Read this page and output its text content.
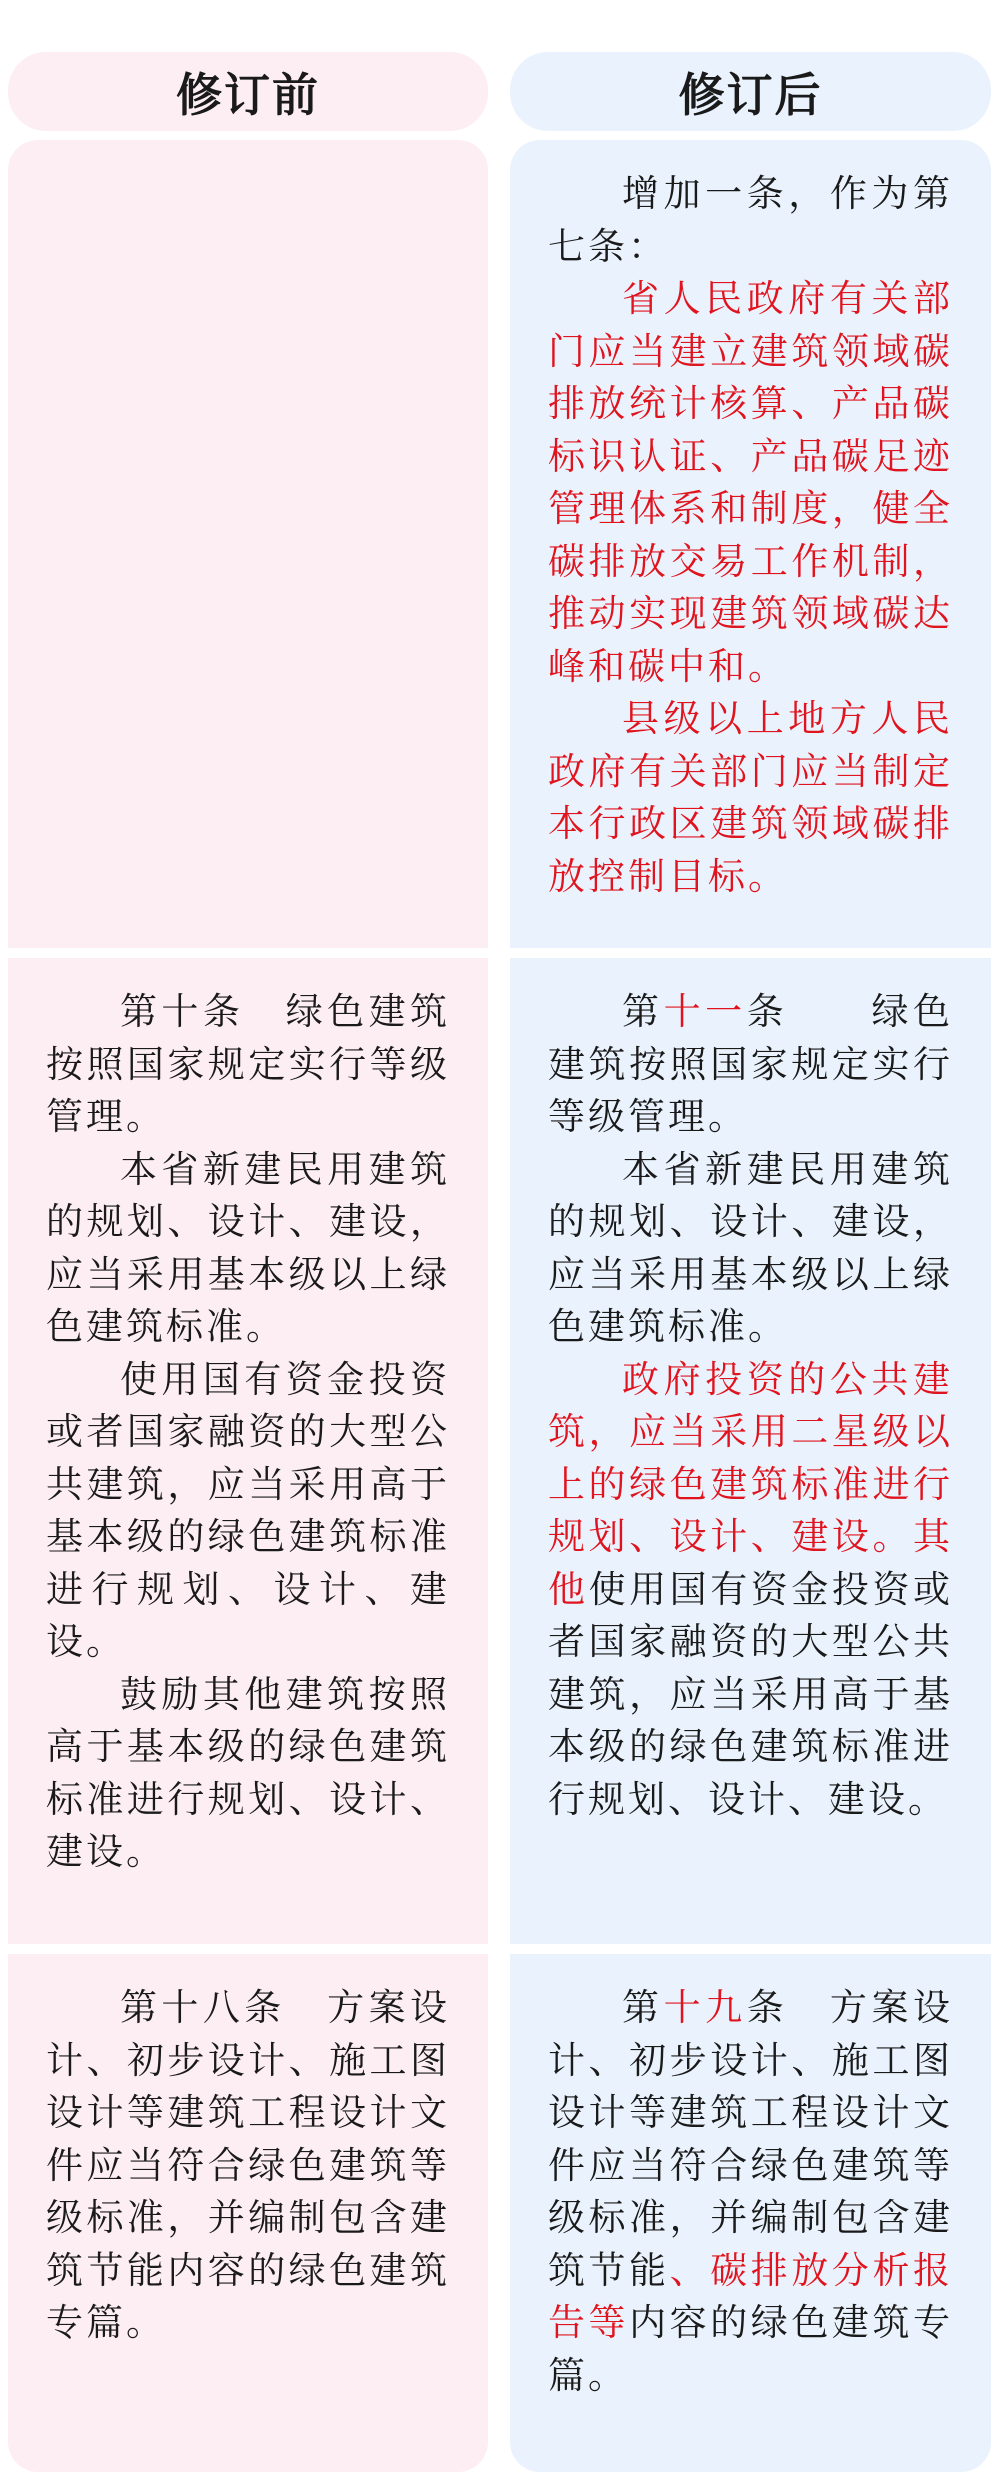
修订前	修订后

增加一条，作为第七条：

省人民政府有关部门应当建立建筑领域碳排放统计核算、产品碳标识认证、产品碳足迹管理体系和制度，健全碳排放交易工作机制，推动实现建筑领域碳达峰和碳中和。

县级以上地方人民政府有关部门应当制定本行政区建筑领域碳排放控制目标。

第十条　绿色建筑按照国家规定实行等级管理。

本省新建民用建筑的规划、设计、建设，应当采用基本级以上绿色建筑标准。

使用国有资金投资或者国家融资的大型公共建筑，应当采用高于基本级的绿色建筑标准进行规划、设计、建设。

鼓励其他建筑按照高于基本级的绿色建筑标准进行规划、设计、建设。

第十一条　　绿色建筑按照国家规定实行等级管理。

本省新建民用建筑的规划、设计、建设，应当采用基本级以上绿色建筑标准。

政府投资的公共建筑，应当采用二星级以上的绿色建筑标准进行规划、设计、建设。其他使用国有资金投资或者国家融资的大型公共建筑，应当采用高于基本级的绿色建筑标准进行规划、设计、建设。

第十八条　方案设计、初步设计、施工图设计等建筑工程设计文件应当符合绿色建筑等级标准，并编制包含建筑节能内容的绿色建筑专篇。

第十九条　方案设计、初步设计、施工图设计等建筑工程设计文件应当符合绿色建筑等级标准，并编制包含建筑节能、碳排放分析报告等内容的绿色建筑专篇。
